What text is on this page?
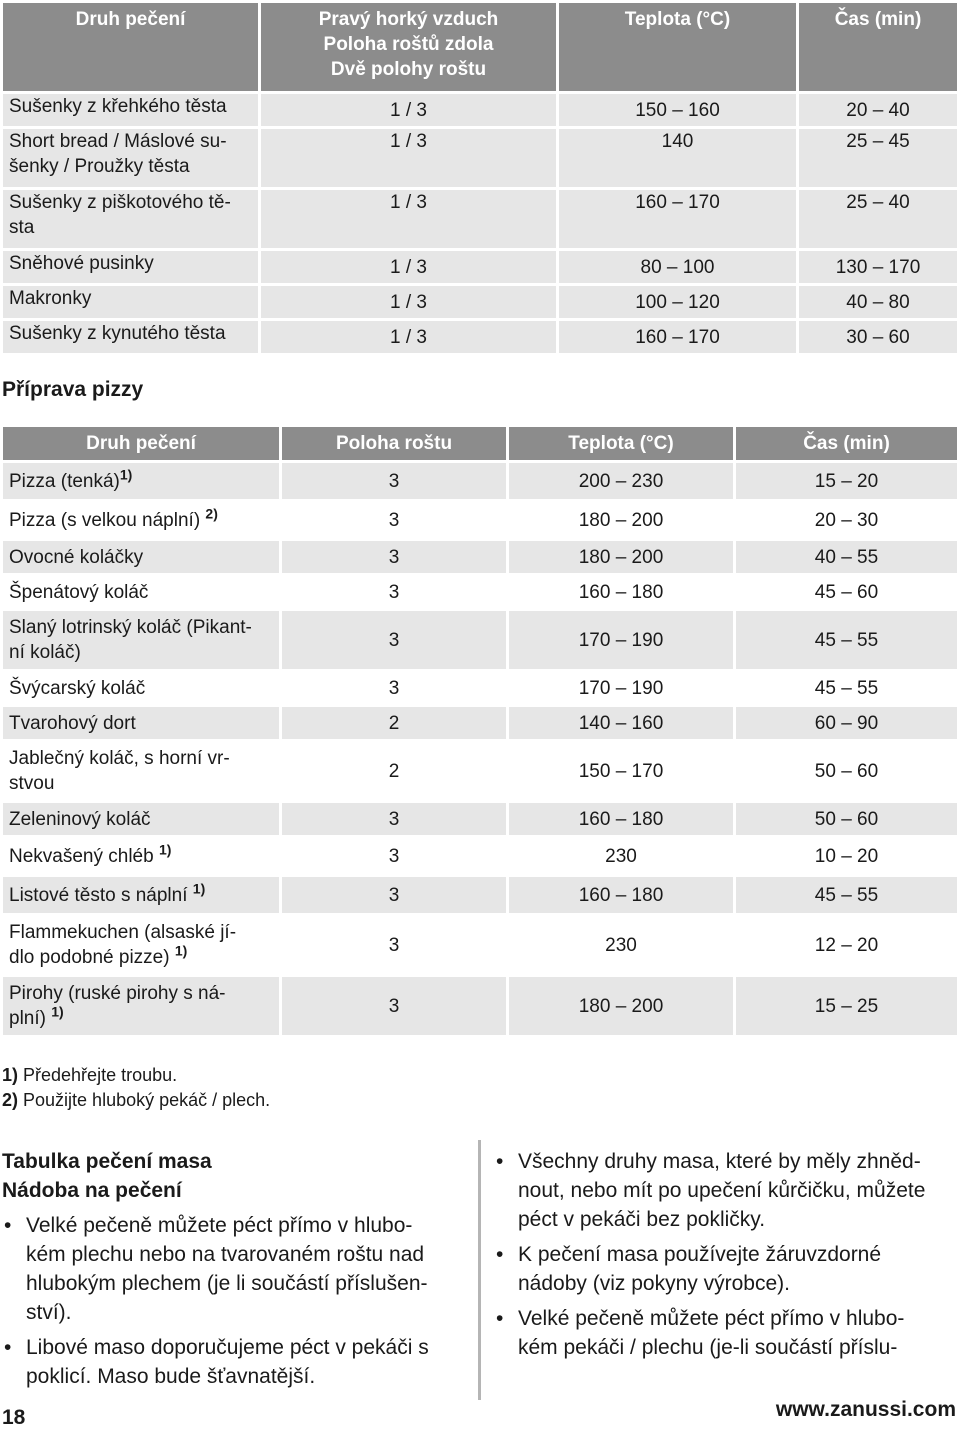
Druh pečení	Pravý horký vzduch
Poloha roštů zdola
Dvě polohy roštu	Teplota (°C)	Čas (min)
Sušenky z křehkého těsta	1 / 3	150 – 160	20 – 40
Short bread / Máslové su-
šenky / Proužky těsta	1 / 3	140	25 – 45
Sušenky z piškotového tě-
sta	1 / 3	160 – 170	25 – 40
Sněhové pusinky	1 / 3	80 – 100	130 – 170
Makronky	1 / 3	100 – 120	40 – 80
Sušenky z kynutého těsta	1 / 3	160 – 170	30 – 60
Příprava pizzy
Druh pečení	Poloha roštu	Teplota (°C)	Čas (min)
Pizza (tenká)$^{1)}$	3	200 – 230	15 – 20
Pizza (s velkou náplní) $^{2)}$	3	180 – 200	20 – 30
Ovocné koláčky	3	180 – 200	40 – 55
Špenátový koláč	3	160 – 180	45 – 60
Slaný lotrinský koláč (Pikant-
ní koláč)	3	170 – 190	45 – 55
Švýcarský koláč	3	170 – 190	45 – 55
Tvarohový dort	2	140 – 160	60 – 90
Jablečný koláč, s horní vr-
stvou	2	150 – 170	50 – 60
Zeleninový koláč	3	160 – 180	50 – 60
Nekvašený chléb $^{1)}$	3	230	10 – 20
Listové těsto s náplní $^{1)}$	3	160 – 180	45 – 55
Flammekuchen (alsaské jí-
dlo podobné pizze) $^{1)}$	3	230	12 – 20
Pirohy (ruské pirohy s ná-
plní) $^{1)}$	3	180 – 200	15 – 25
1) Předehřejte troubu.
2) Použijte hluboký pekáč / plech.
Tabulka pečení masa
Nádoba na pečení
• Velké pečeně můžete péct přímo v hlubo-
kém plechu nebo na tvarovaném roštu nad
hlubokým plechem (je li součástí příslušen-
ství).
• Libové maso doporučujeme péct v pekáči s
poklicí. Maso bude šťavnatější.
• Všechny druhy masa, které by měly zhněd-
nout, nebo mít po upečení kůrčičku, můžete
péct v pekáči bez pokličky.
• K pečení masa používejte žáruvzdorné
nádoby (viz pokyny výrobce).
• Velké pečeně můžete péct přímo v hlubo-
kém pekáči / plechu (je-li součástí příslu-
18	www.zanussi.com
